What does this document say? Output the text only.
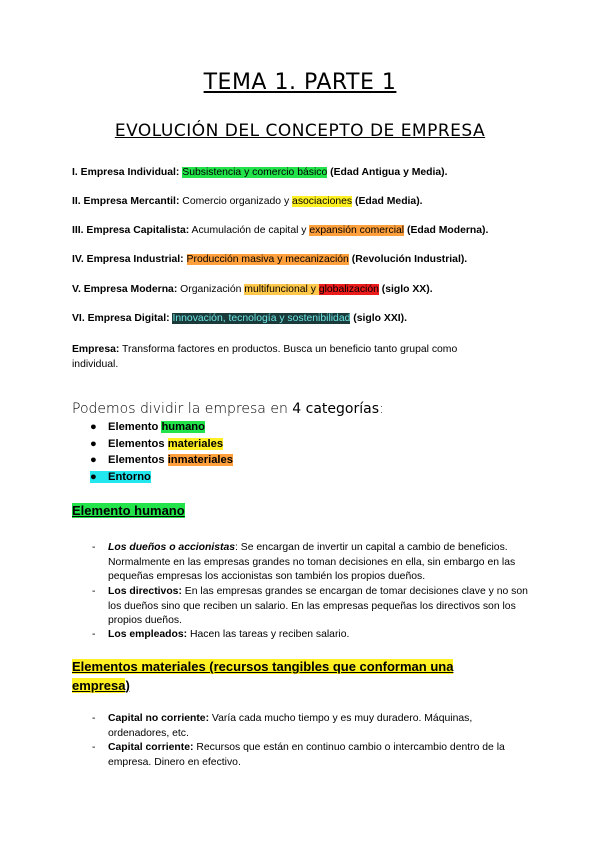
TEMA 1. PARTE 1
EVOLUCIÓN DEL CONCEPTO DE EMPRESA
I. Empresa Individual: Subsistencia y comercio básico (Edad Antigua y Media).
II. Empresa Mercantil: Comercio organizado y asociaciones (Edad Media).
III. Empresa Capitalista: Acumulación de capital y expansión comercial (Edad Moderna).
IV. Empresa Industrial: Producción masiva y mecanización (Revolución Industrial).
V. Empresa Moderna: Organización multifuncional y globalización (siglo XX).
VI. Empresa Digital: Innovación, tecnología y sostenibilidad (siglo XXI).
Empresa: Transforma factores en productos. Busca un beneficio tanto grupal como
individual.
Podemos dividir la empresa en 4 categorías:
● Elemento humano
● Elementos materiales
● Elementos inmateriales
● Entorno
Elemento humano
- Los dueños o accionistas: Se encargan de invertir un capital a cambio de beneficios. Normalmente en las empresas grandes no toman decisiones en ella, sin embargo en las pequeñas empresas los accionistas son también los propios dueños.
- Los directivos: En las empresas grandes se encargan de tomar decisiones clave y no son los dueños sino que reciben un salario. En las empresas pequeñas los directivos son los propios dueños.
- Los empleados: Hacen las tareas y reciben salario.
Elementos materiales (recursos tangibles que conforman una
empresa)
- Capital no corriente: Varía cada mucho tiempo y es muy duradero. Máquinas, ordenadores, etc.
- Capital corriente: Recursos que están en continuo cambio o intercambio dentro de la empresa. Dinero en efectivo.
